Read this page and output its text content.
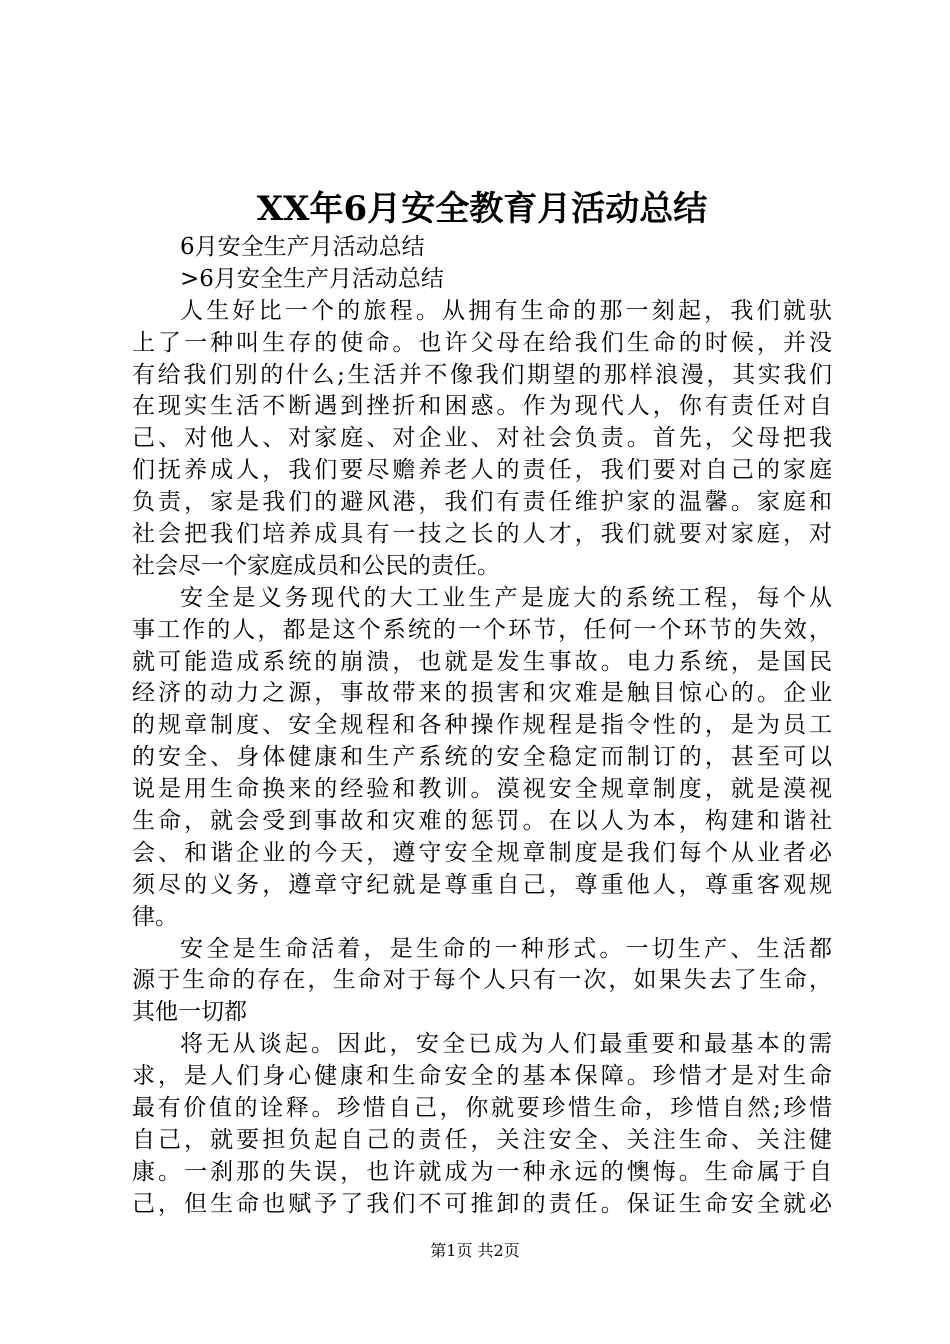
XX年6月安全教育月活动总结
6月安全生产月活动总结
>6月安全生产月活动总结
人生好比一个的旅程。从拥有生命的那一刻起，我们就驮
上了一种叫生存的使命。也许父母在给我们生命的时候，并没
有给我们别的什么;生活并不像我们期望的那样浪漫，其实我们
在现实生活不断遇到挫折和困惑。作为现代人，你有责任对自
己、对他人、对家庭、对企业、对社会负责。首先，父母把我
们抚养成人，我们要尽赡养老人的责任，我们要对自己的家庭
负责，家是我们的避风港，我们有责任维护家的温馨。家庭和
社会把我们培养成具有一技之长的人才，我们就要对家庭，对
社会尽一个家庭成员和公民的责任。
安全是义务现代的大工业生产是庞大的系统工程，每个从
事工作的人，都是这个系统的一个环节，任何一个环节的失效，
就可能造成系统的崩溃，也就是发生事故。电力系统，是国民
经济的动力之源，事故带来的损害和灾难是触目惊心的。企业
的规章制度、安全规程和各种操作规程是指令性的，是为员工
的安全、身体健康和生产系统的安全稳定而制订的，甚至可以
说是用生命换来的经验和教训。漠视安全规章制度，就是漠视
生命，就会受到事故和灾难的惩罚。在以人为本，构建和谐社
会、和谐企业的今天，遵守安全规章制度是我们每个从业者必
须尽的义务，遵章守纪就是尊重自己，尊重他人，尊重客观规
律。
安全是生命活着，是生命的一种形式。一切生产、生活都
源于生命的存在，生命对于每个人只有一次，如果失去了生命，
其他一切都
将无从谈起。因此，安全已成为人们最重要和最基本的需
求，是人们身心健康和生命安全的基本保障。珍惜才是对生命
最有价值的诠释。珍惜自己，你就要珍惜生命，珍惜自然;珍惜
自己，就要担负起自己的责任，关注安全、关注生命、关注健
康。一刹那的失误，也许就成为一种永远的懊悔。生命属于自
己，但生命也赋予了我们不可推卸的责任。保证生命安全就必
第1页 共2页
